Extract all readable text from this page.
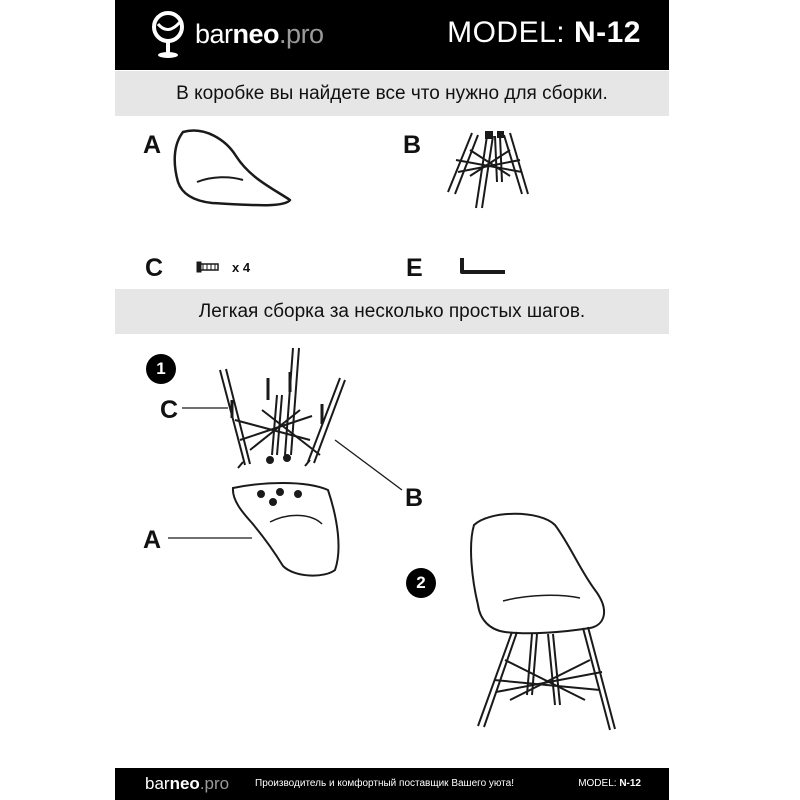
barneo.pro	MODEL: N-12
В коробке вы найдете все что нужно для сборки.
A	B
C	x 4	E
Легкая сборка за несколько простых шагов.
1
2
C
B
A
barneo.pro	Производитель и комфортный поставщик Вашего уюта!	MODEL: N-12
